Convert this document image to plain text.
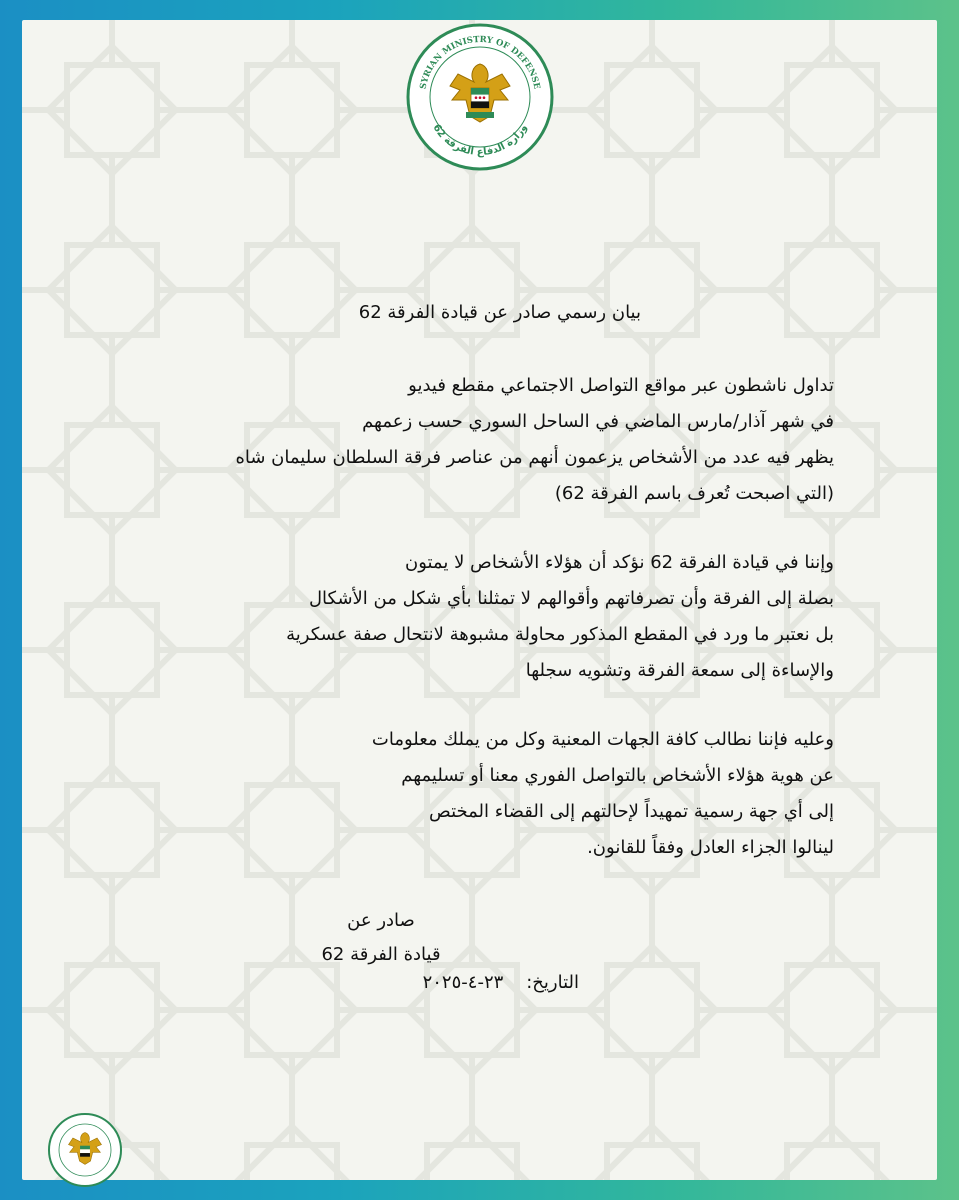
SYRIAN MINISTRY OF DEFENSE
وزارة الدفاع الفرقة 62
بيان رسمي صادر عن قيادة الفرقة 62
تداول ناشطون عبر مواقع التواصل الاجتماعي مقطع فيديو
في شهر آذار/مارس الماضي في الساحل السوري حسب زعمهم
يظهر فيه عدد من الأشخاص يزعمون أنهم من عناصر فرقة السلطان سليمان شاه
(التي اصبحت تُعرف باسم الفرقة 62)
وإننا في قيادة الفرقة 62 نؤكد أن هؤلاء الأشخاص لا يمتون
بصلة إلى الفرقة وأن تصرفاتهم وأقوالهم لا تمثلنا بأي شكل من الأشكال
بل نعتبر ما ورد في المقطع المذكور محاولة مشبوهة لانتحال صفة عسكرية
والإساءة إلى سمعة الفرقة وتشويه سجلها
وعليه فإننا نطالب كافة الجهات المعنية وكل من يملك معلومات
عن هوية هؤلاء الأشخاص بالتواصل الفوري معنا أو تسليمهم
إلى أي جهة رسمية تمهيداً لإحالتهم إلى القضاء المختص
لينالوا الجزاء العادل وفقاً للقانون.
صادر عن
قيادة الفرقة 62
التاريخ:    ٢٣-٤-٢٠٢٥
